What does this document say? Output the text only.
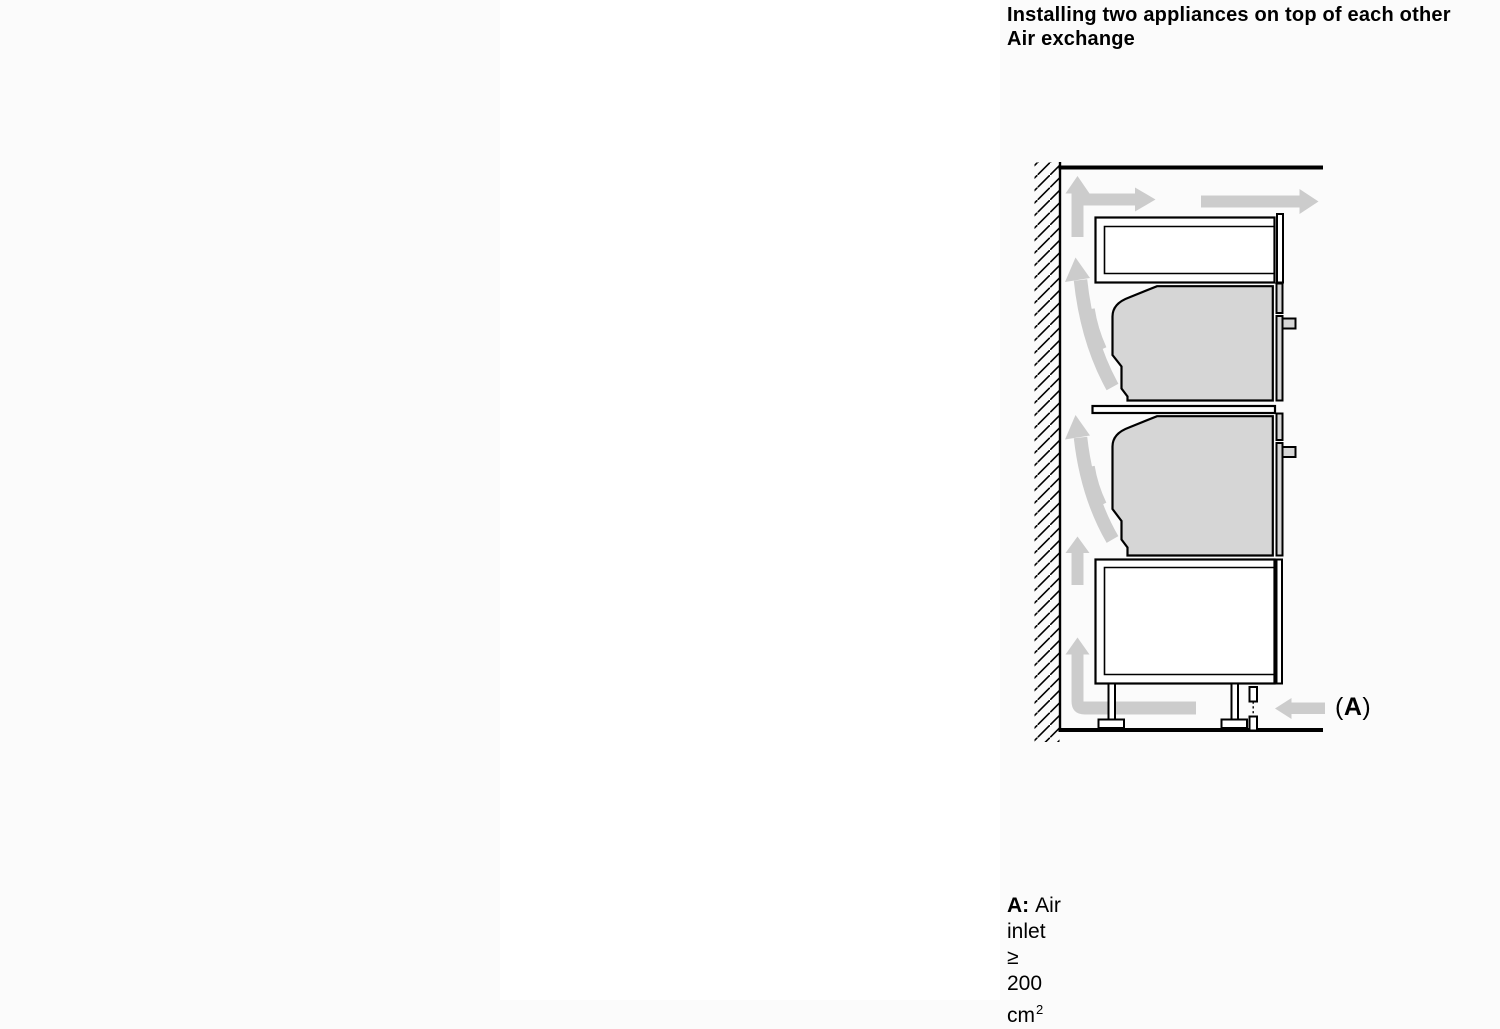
Installing two appliances on top of each other
Air exchange
(A)
A: Air inlet ≥ 200 $cm^2$
